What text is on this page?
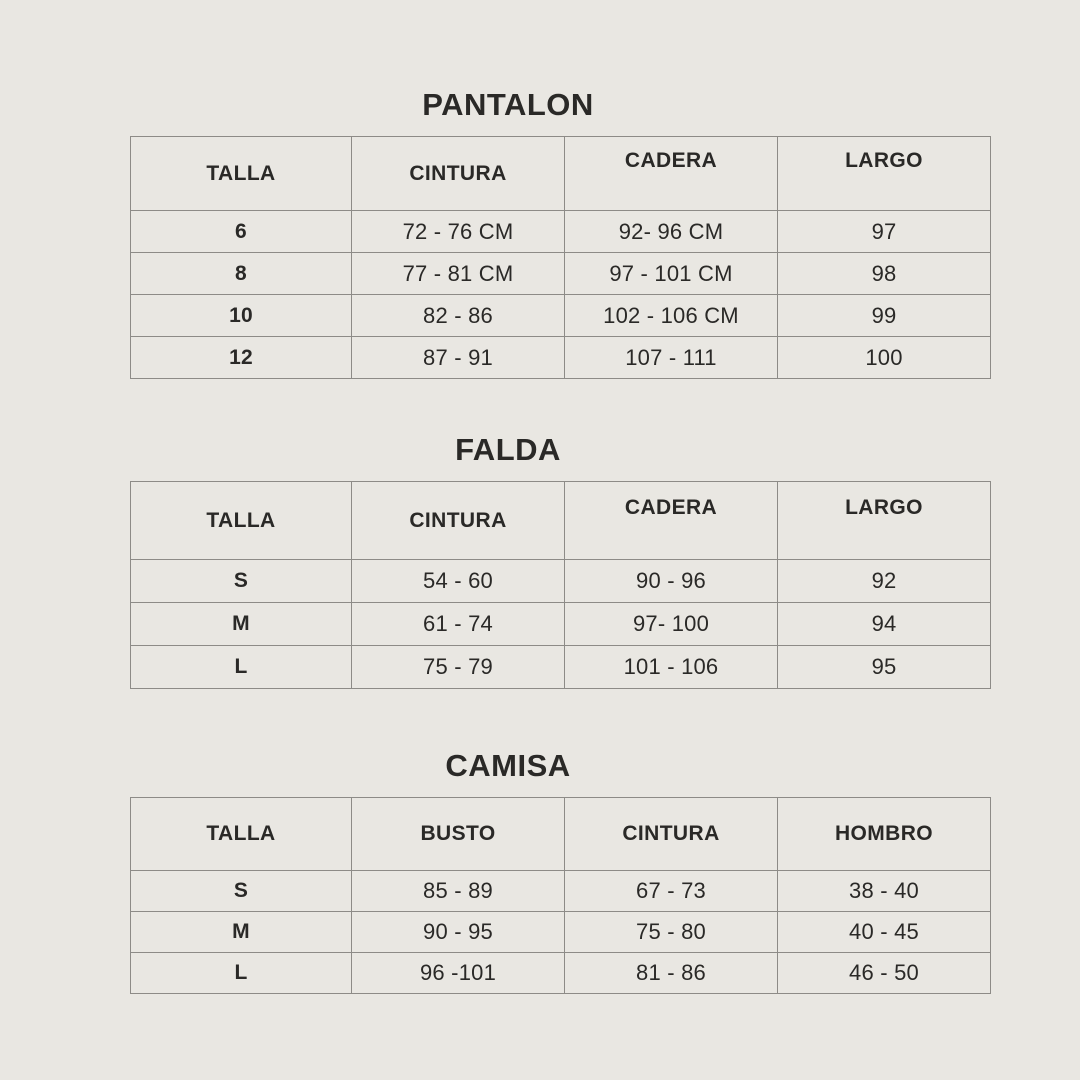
PANTALON
TALLA	CINTURA	CADERA	LARGO
6	72 - 76 CM	92- 96 CM	97
8	77 - 81 CM	97 - 101 CM	98
10	82 - 86	102 - 106 CM	99
12	87 - 91	107 - 111	100
FALDA
TALLA	CINTURA	CADERA	LARGO
S	54 - 60	90 - 96	92
M	61 - 74	97- 100	94
L	75 - 79	101 - 106	95
CAMISA
TALLA	BUSTO	CINTURA	HOMBRO
S	85 - 89	67 - 73	38 - 40
M	90 - 95	75 - 80	40 - 45
L	96 -101	81 - 86	46 - 50
